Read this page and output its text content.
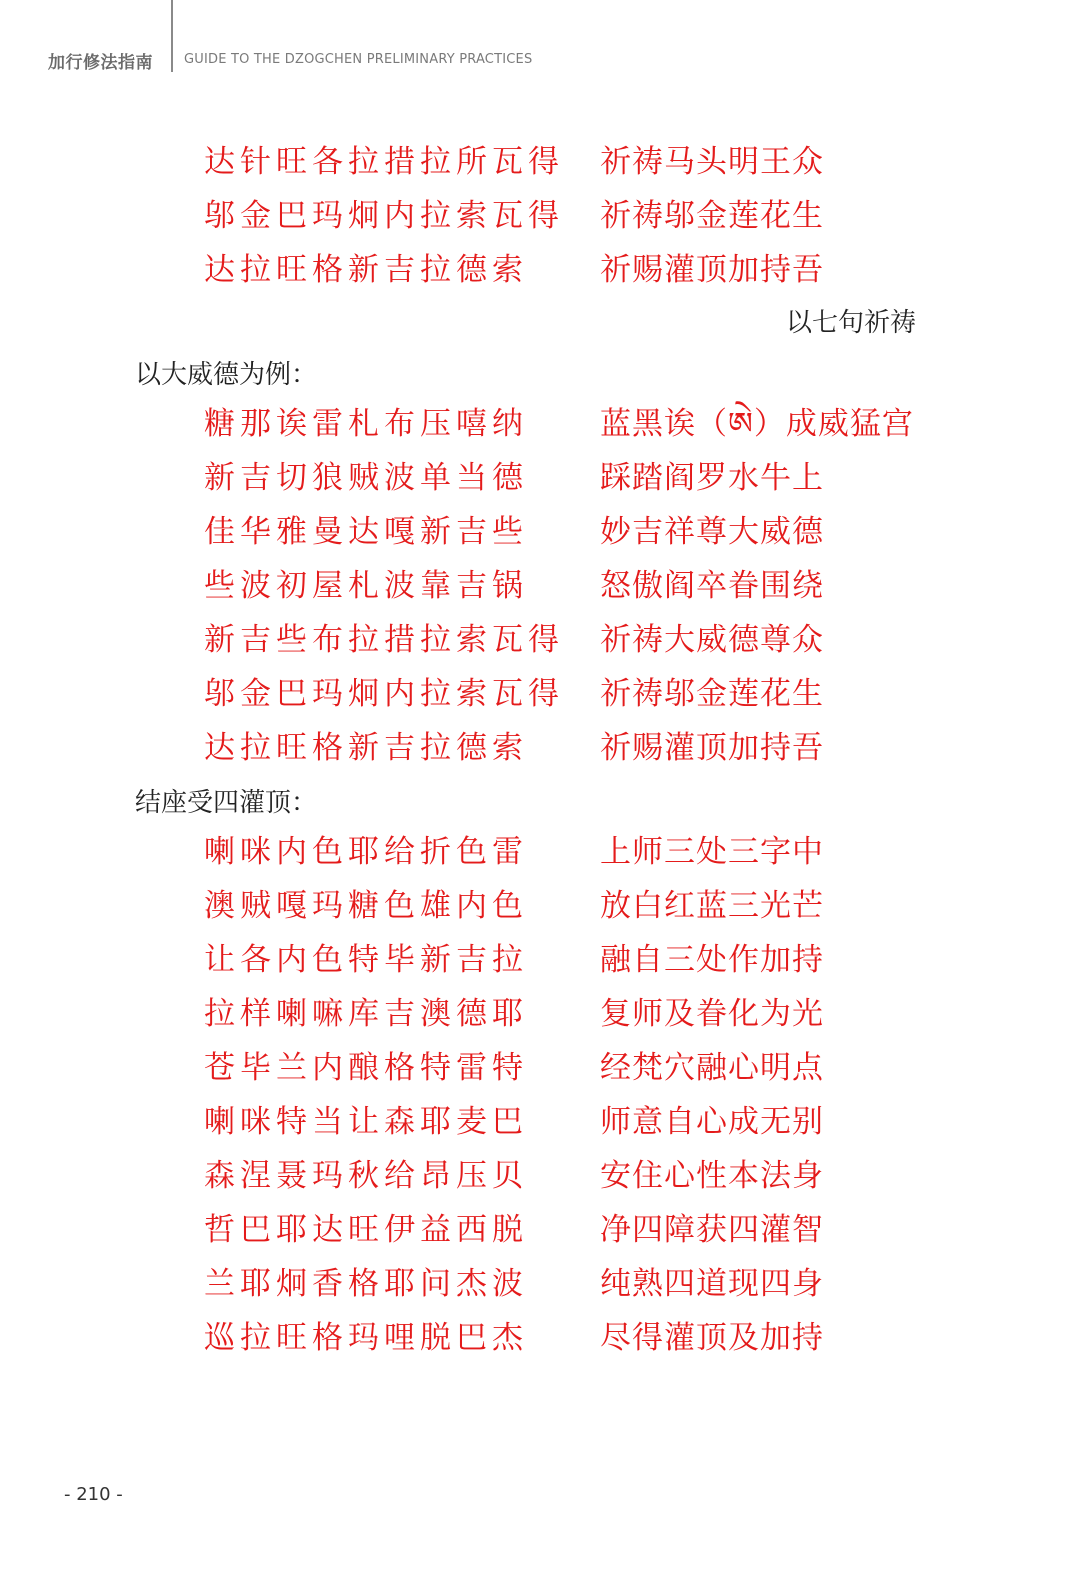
加行修法指南 GUIDE TO THE DZOGCHEN PRELIMINARY PRACTICES
达针旺各拉措拉所瓦得	祈祷马头明王众
邬金巴玛炯内拉索瓦得	祈祷邬金莲花生
达拉旺格新吉拉德索	祈赐灌顶加持吾
以七句祈祷
以大威德为例：
糖那诶雷札布压嘻纳	蓝黑诶（ཨེ）成威猛宫
新吉切狼贼波单当德	踩踏阎罗水牛上
佳华雅曼达嘎新吉些	妙吉祥尊大威德
些波初屋札波靠吉锅	怒傲阎卒眷围绕
新吉些布拉措拉索瓦得	祈祷大威德尊众
邬金巴玛炯内拉索瓦得	祈祷邬金莲花生
达拉旺格新吉拉德索	祈赐灌顶加持吾
结座受四灌顶：
喇咪内色耶给折色雷	上师三处三字中
澳贼嘎玛糖色雄内色	放白红蓝三光芒
让各内色特毕新吉拉	融自三处作加持
拉样喇嘛库吉澳德耶	复师及眷化为光
苍毕兰内酿格特雷特	经梵穴融心明点
喇咪特当让森耶麦巴	师意自心成无别
森涅聂玛秋给昂压贝	安住心性本法身
哲巴耶达旺伊益西脱	净四障获四灌智
兰耶炯香格耶问杰波	纯熟四道现四身
巡拉旺格玛哩脱巴杰	尽得灌顶及加持
- 210 -
